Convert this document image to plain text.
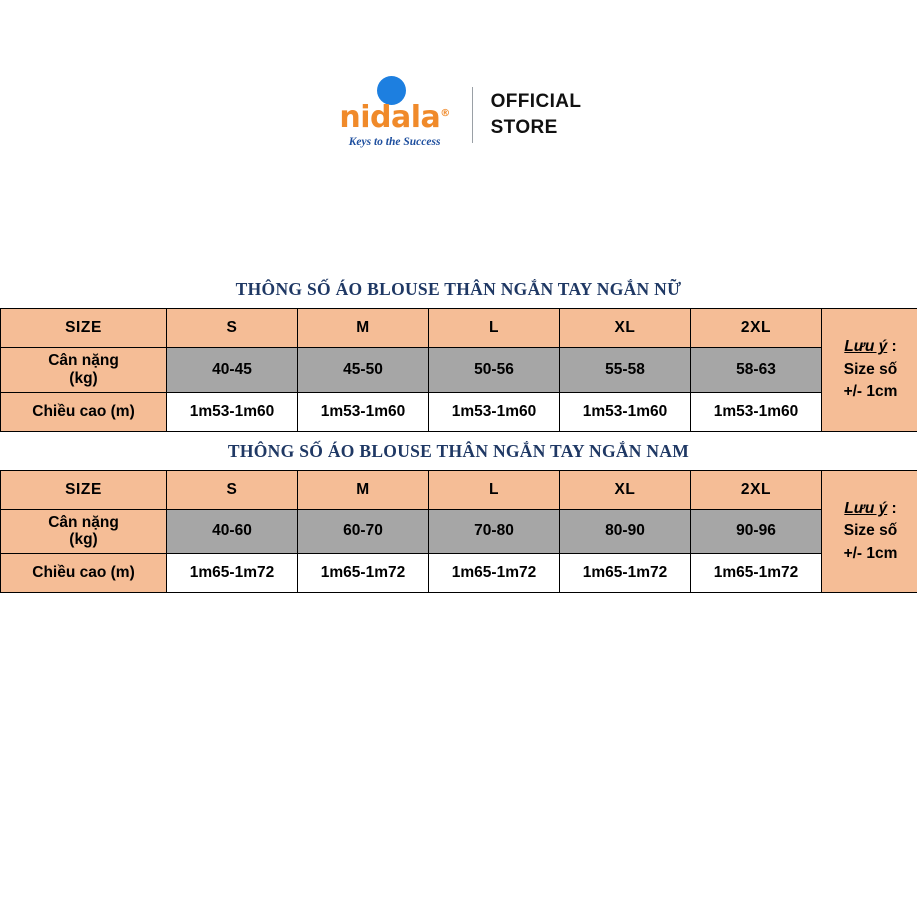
nidala®
Keys to the Success
OFFICIAL
STORE
THÔNG SỐ ÁO BLOUSE THÂN NGẮN TAY NGẮN NỮ
SIZE	S	M	L	XL	2XL	Lưu ý :
Size số
+/- 1cm

Cân nặng
(kg)	40-45	45-50	50-56	55-58	58-63	
Chiều cao (m)	1m53-1m60	1m53-1m60	1m53-1m60	1m53-1m60	1m53-1m60	
THÔNG SỐ ÁO BLOUSE THÂN NGẮN TAY NGẮN NAM
SIZE	S	M	L	XL	2XL	Lưu ý :
Size số
+/- 1cm

Cân nặng
(kg)	40-60	60-70	70-80	80-90	90-96	
Chiều cao (m)	1m65-1m72	1m65-1m72	1m65-1m72	1m65-1m72	1m65-1m72	
